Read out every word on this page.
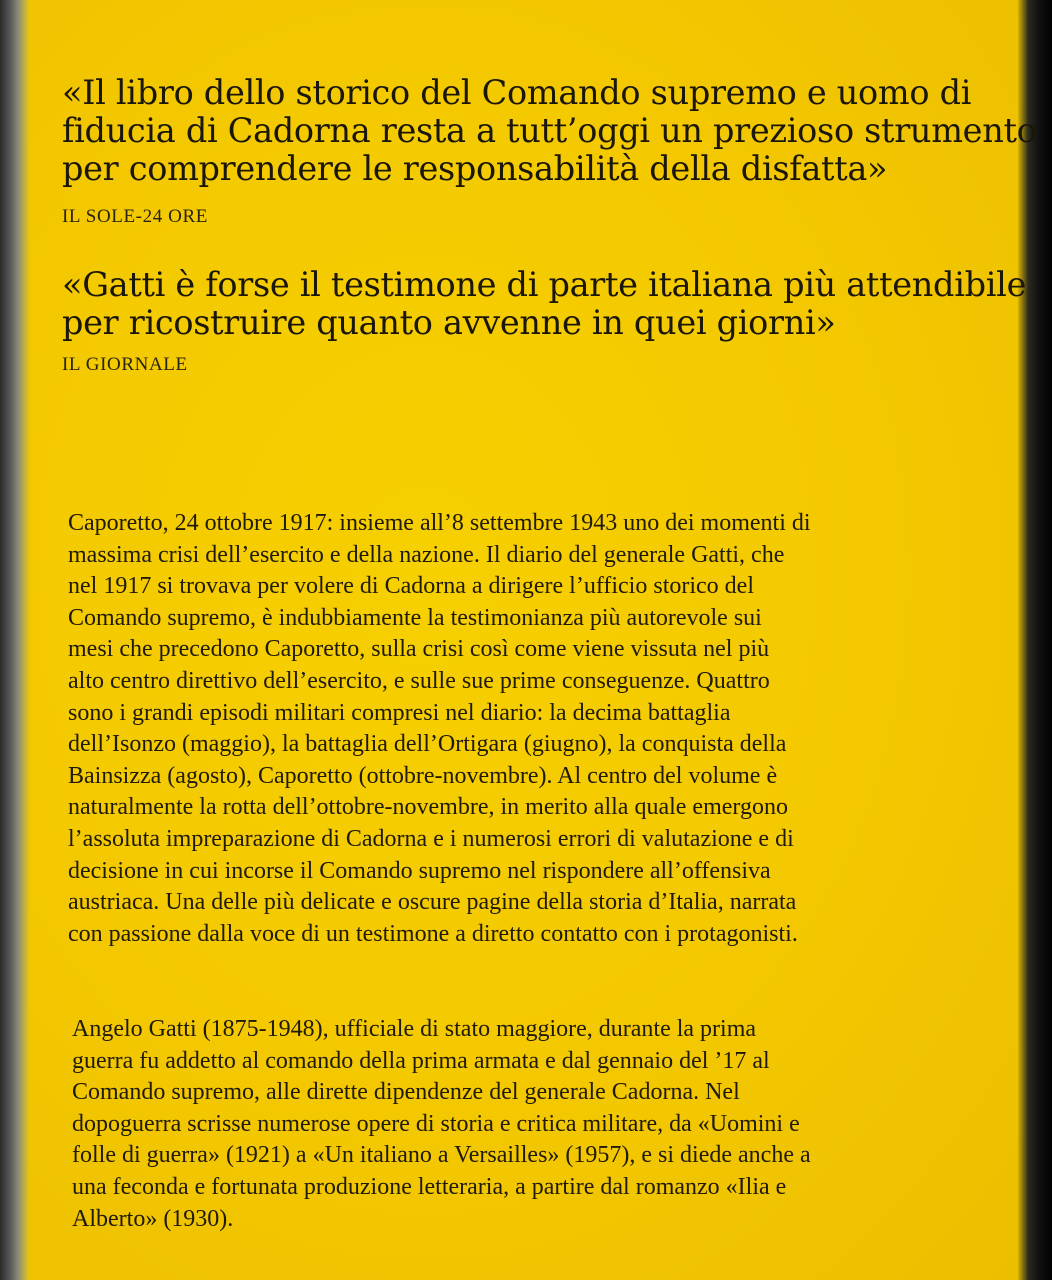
«Il libro dello storico del Comando supremo e uomo di
fiducia di Cadorna resta a tutt’oggi un prezioso strumento
per comprendere le responsabilità della disfatta»

IL SOLE-24 ORE

«Gatti è forse il testimone di parte italiana più attendibile
per ricostruire quanto avvenne in quei giorni»

IL GIORNALE

Caporetto, 24 ottobre 1917: insieme all’8 settembre 1943 uno dei momenti di
massima crisi dell’esercito e della nazione. Il diario del generale Gatti, che
nel 1917 si trovava per volere di Cadorna a dirigere l’ufficio storico del
Comando supremo, è indubbiamente la testimonianza più autorevole sui
mesi che precedono Caporetto, sulla crisi così come viene vissuta nel più
alto centro direttivo dell’esercito, e sulle sue prime conseguenze. Quattro
sono i grandi episodi militari compresi nel diario: la decima battaglia
dell’Isonzo (maggio), la battaglia dell’Ortigara (giugno), la conquista della
Bainsizza (agosto), Caporetto (ottobre-novembre). Al centro del volume è
naturalmente la rotta dell’ottobre-novembre, in merito alla quale emergono
l’assoluta impreparazione di Cadorna e i numerosi errori di valutazione e di
decisione in cui incorse il Comando supremo nel rispondere all’offensiva
austriaca. Una delle più delicate e oscure pagine della storia d’Italia, narrata
con passione dalla voce di un testimone a diretto contatto con i protagonisti.

Angelo Gatti (1875-1948), ufficiale di stato maggiore, durante la prima
guerra fu addetto al comando della prima armata e dal gennaio del ’17 al
Comando supremo, alle dirette dipendenze del generale Cadorna. Nel
dopoguerra scrisse numerose opere di storia e critica militare, da «Uomini e
folle di guerra» (1921) a «Un italiano a Versailles» (1957), e si diede anche a
una feconda e fortunata produzione letteraria, a partire dal romanzo «Ilia e
Alberto» (1930).
